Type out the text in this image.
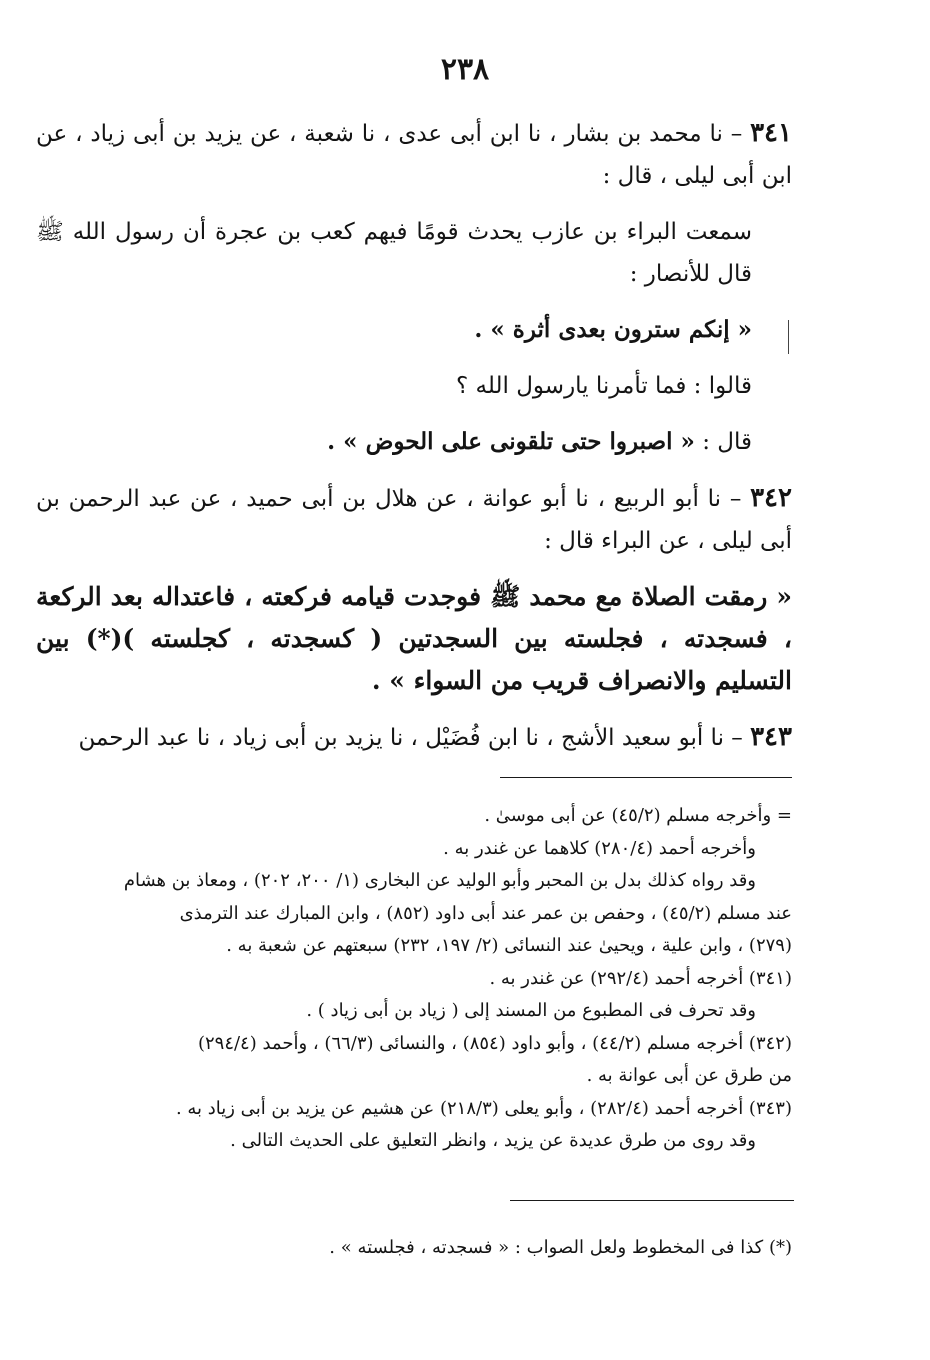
٢٣٨

٣٤١ – نا محمد بن بشار ، نا ابن أبى عدى ، نا شعبة ، عن يزيد بن أبى زياد ، عن ابن أبى ليلى ، قال :

سمعت البراء بن عازب يحدث قومًا فيهم كعب بن عجرة أن رسول الله ﷺ قال للأنصار :

« إنكم سترون بعدى أثرة » .

قالوا : فما تأمرنا يارسول الله ؟

قال : « اصبروا حتى تلقونى على الحوض » .

٣٤٢ – نا أبو الربيع ، نا أبو عوانة ، عن هلال بن أبى حميد ، عن عبد الرحمن بن أبى ليلى ، عن البراء قال :

« رمقت الصلاة مع محمد ﷺ فوجدت قيامه فركعته ، فاعتداله بعد الركعة ، فسجدته ، فجلسته بين السجدتين ( كسجدته ، كجلسته )(*) بين التسليم والانصراف قريب من السواء » .

٣٤٣ – نا أبو سعيد الأشج ، نا ابن فُضَيْل ، نا يزيد بن أبى زياد ، نا عبد الرحمن

= وأخرجه مسلم (٤٥/٢) عن أبى موسىٰ .

وأخرجه أحمد (٢٨٠/٤) كلاهما عن غندر به .

وقد رواه كذلك بدل بن المحبر وأبو الوليد عن البخارى (١/ ٢٠٠، ٢٠٢) ، ومعاذ بن هشام

عند مسلم (٤٥/٢) ، وحفص بن عمر عند أبى داود (٨٥٢) ، وابن المبارك عند الترمذى

(٢٧٩) ، وابن علية ، ويحيىٰ عند النسائى (٢/ ١٩٧، ٢٣٢) سبعتهم عن شعبة به .

(٣٤١) أخرجه أحمد (٢٩٢/٤) عن غندر به .

وقد تحرف فى المطبوع من المسند إلى ( زياد بن أبى زياد ) .

(٣٤٢) أخرجه مسلم (٤٤/٢) ، وأبو داود (٨٥٤) ، والنسائى (٦٦/٣) ، وأحمد (٢٩٤/٤)

من طرق عن أبى عوانة به .

(٣٤٣) أخرجه أحمد (٢٨٢/٤) ، وأبو يعلى (٢١٨/٣) عن هشيم عن يزيد بن أبى زياد به .

وقد روى من طرق عديدة عن يزيد ، وانظر التعليق على الحديث التالى .

(*) كذا فى المخطوط ولعل الصواب : « فسجدته ، فجلسته » .
